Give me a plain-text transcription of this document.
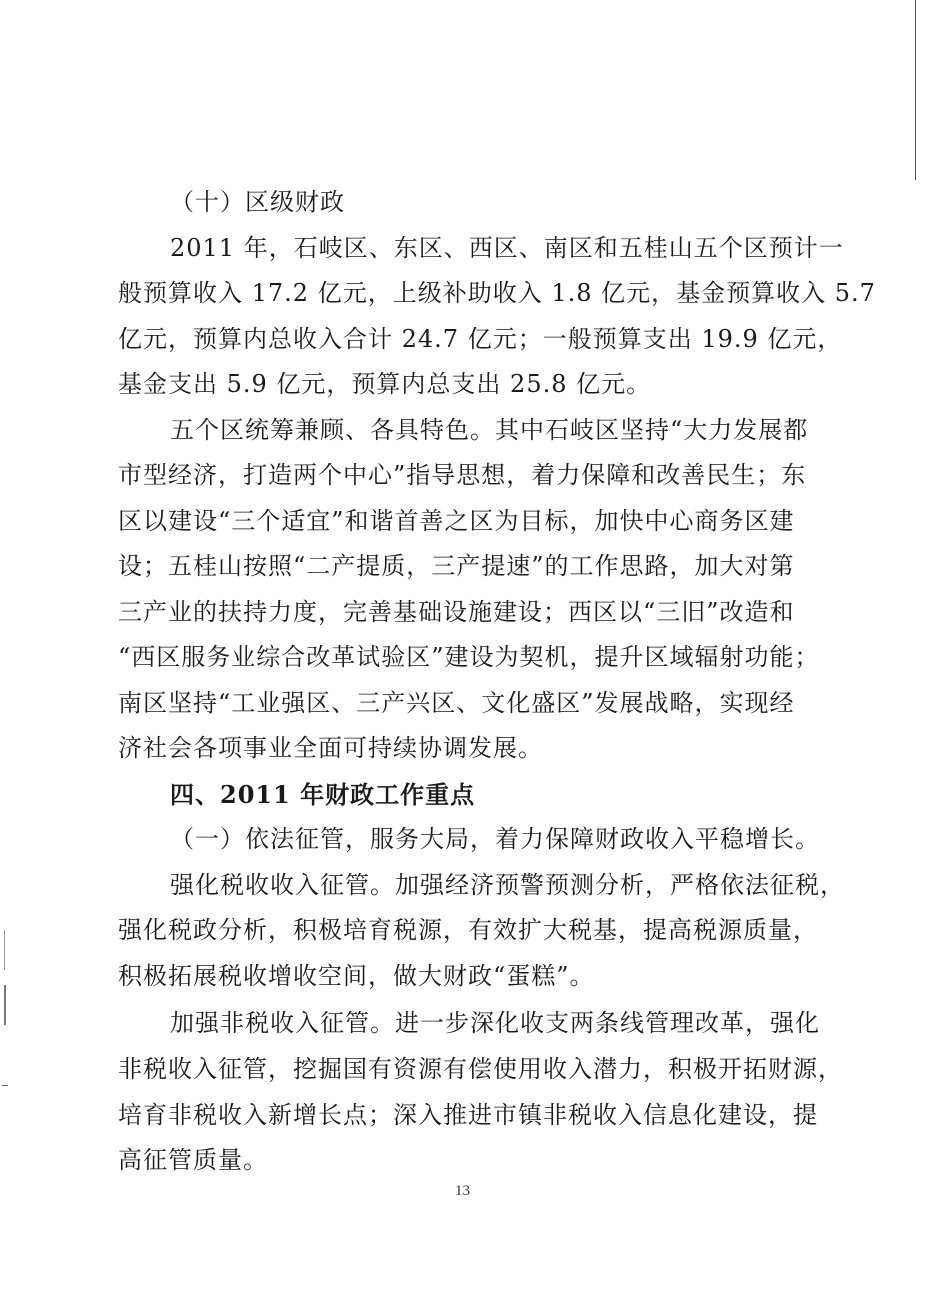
（十）区级财政
2011 年，石岐区、东区、西区、南区和五桂山五个区预计一
般预算收入 17.2 亿元，上级补助收入 1.8 亿元，基金预算收入 5.7
亿元，预算内总收入合计 24.7 亿元；一般预算支出 19.9 亿元，
基金支出 5.9 亿元，预算内总支出 25.8 亿元。
五个区统筹兼顾、各具特色。其中石岐区坚持“大力发展都
市型经济，打造两个中心”指导思想，着力保障和改善民生；东
区以建设“三个适宜”和谐首善之区为目标，加快中心商务区建
设；五桂山按照“二产提质，三产提速”的工作思路，加大对第
三产业的扶持力度，完善基础设施建设；西区以“三旧”改造和
“西区服务业综合改革试验区”建设为契机，提升区域辐射功能；
南区坚持“工业强区、三产兴区、文化盛区”发展战略，实现经
济社会各项事业全面可持续协调发展。
四、2011 年财政工作重点
（一）依法征管，服务大局，着力保障财政收入平稳增长。
强化税收收入征管。加强经济预警预测分析，严格依法征税，
强化税政分析，积极培育税源，有效扩大税基，提高税源质量，
积极拓展税收增收空间，做大财政“蛋糕”。
加强非税收入征管。进一步深化收支两条线管理改革，强化
非税收入征管，挖掘国有资源有偿使用收入潜力，积极开拓财源，
培育非税收入新增长点；深入推进市镇非税收入信息化建设，提
高征管质量。
13
